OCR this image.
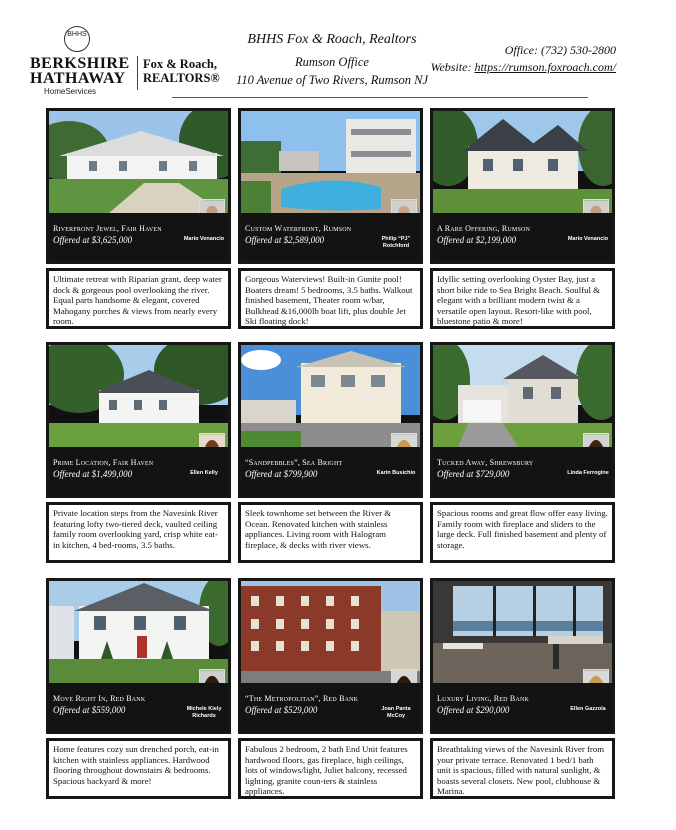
BHHS
BERKSHIRE
HATHAWAY
HomeServices
Fox & Roach,
REALTORS®
BHHS Fox & Roach, Realtors
Rumson Office
110 Avenue of Two Rivers, Rumson NJ
Office: (732) 530-2800
Website: https://rumson.foxroach.com/
Riverfront Jewel, Fair Haven
Offered at $3,625,000	Mario Venancio
Ultimate retreat with Riparian grant, deep water dock & gorgeous pool overlooking the river. Equal parts handsome & elegant, covered Mahogany porches & views from nearly every room.
Custom Waterfront, Rumson
Offered at $2,589,000	Philip “PJ” Rotchford
Gorgeous Waterviews! Built-in Gunite pool! Boaters dream! 5 bedrooms, 3.5 baths. Walkout finished basement, Theater room w/bar, Bulkhead &16,000lb boat lift, plus double Jet Ski floating dock!
A Rare Offering, Rumson
Offered at $2,199,000	Mario Venancio
Idyllic setting overlooking Oyster Bay, just a short bike ride to Sea Bright Beach. Soulful & elegant with a brilliant modern twist & a versatile open layout. Resort-like with pool, bluestone patio & more!
Prime Location, Fair Haven
Offered at $1,499,000	Ellen Kelly
Private location steps from the Navesink River featuring lofty two-tiered deck, vaulted ceiling family room overlooking yard, crisp white eat-in kitchen, 4 bed-rooms, 3.5 baths.
“Sandpebbles”, Sea Bright
Offered at $799,900	Karin Busichio
Sleek townhome set between the River & Ocean. Renovated kitchen with stainless appliances. Living room with Halogram fireplace, & decks with river views.
Tucked Away, Shrewsbury
Offered at $729,000	Linda Ferrogine
Spacious rooms and great flow offer easy living. Family room with fireplace and sliders to the large deck. Full finished basement and plenty of storage.
Move Right In, Red Bank
Offered at $559,000	Michele Kiely Richards
Home features cozy sun drenched porch, eat-in kitchen with stainless appliances. Hardwood flooring throughout downstairs & bedrooms. Spacious backyard & more!
“The Metropolitan”, Red Bank
Offered at $529,000	Joan Panta McCoy
Fabulous 2 bedroom, 2 bath End Unit features hardwood floors, gas fireplace, high ceilings, lots of windows/light, Juliet balcony, recessed lighting, granite coun-ters & stainless appliances.
Luxury Living, Red Bank
Offered at $290,000	Ellen Gazzola
Breathtaking views of the Navesink River from your private terrace. Renovated 1 bed/1 bath unit is spacious, filled with natural sunlight, & boasts several closets. New pool, clubhouse & Marina.
